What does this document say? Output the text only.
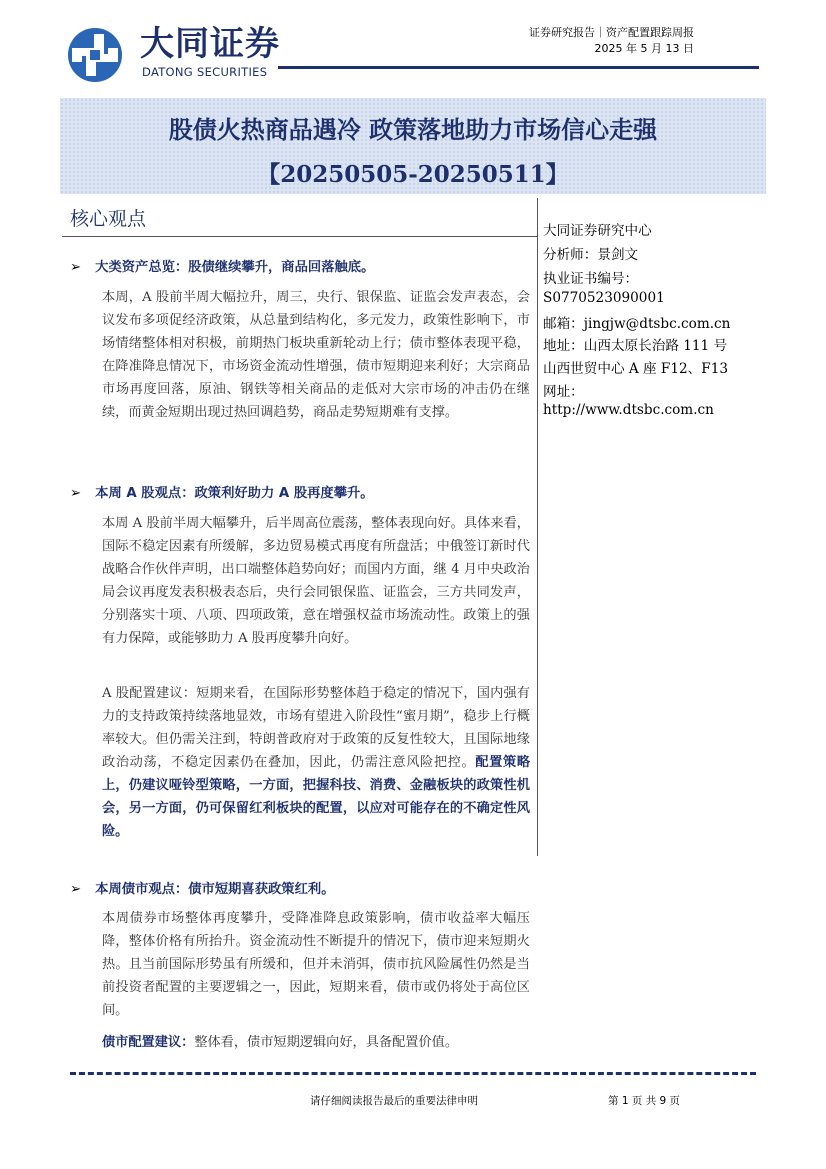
大同证券
DATONG SECURITIES
证券研究报告｜资产配置跟踪周报
2025 年 5 月 13 日
股债火热商品遇冷 政策落地助力市场信心走强
【20250505-20250511】
核心观点
➢ 大类资产总览：股债继续攀升，商品回落触底。
本周，A 股前半周大幅拉升，周三，央行、银保监、证监会发声表态，会议发布多项促经济政策，从总量到结构化，多元发力，政策性影响下，市场情绪整体相对积极，前期热门板块重新轮动上行；债市整体表现平稳，在降准降息情况下，市场资金流动性增强，债市短期迎来利好；大宗商品市场再度回落，原油、钢铁等相关商品的走低对大宗市场的冲击仍在继续，而黄金短期出现过热回调趋势，商品走势短期难有支撑。
➢ 本周 A 股观点：政策利好助力 A 股再度攀升。
本周 A 股前半周大幅攀升，后半周高位震荡，整体表现向好。具体来看，国际不稳定因素有所缓解，多边贸易模式再度有所盘活；中俄签订新时代战略合作伙伴声明，出口端整体趋势向好；而国内方面，继 4 月中央政治局会议再度发表积极表态后，央行会同银保监、证监会，三方共同发声，分别落实十项、八项、四项政策，意在增强权益市场流动性。政策上的强有力保障，或能够助力 A 股再度攀升向好。
A 股配置建议：短期来看，在国际形势整体趋于稳定的情况下，国内强有力的支持政策持续落地显效，市场有望进入阶段性“蜜月期”，稳步上行概率较大。但仍需关注到，特朗普政府对于政策的反复性较大，且国际地缘政治动荡，不稳定因素仍在叠加，因此，仍需注意风险把控。配置策略上，仍建议哑铃型策略，一方面，把握科技、消费、金融板块的政策性机会，另一方面，仍可保留红利板块的配置，以应对可能存在的不确定性风险。
➢ 本周债市观点：债市短期喜获政策红利。
本周债券市场整体再度攀升，受降准降息政策影响，债市收益率大幅压降，整体价格有所抬升。资金流动性不断提升的情况下，债市迎来短期火热。且当前国际形势虽有所缓和，但并未消弭，债市抗风险属性仍然是当前投资者配置的主要逻辑之一，因此，短期来看，债市或仍将处于高位区间。
债市配置建议：整体看，债市短期逻辑向好，具备配置价值。
大同证券研究中心
分析师：景剑文
执业证书编号：
S0770523090001
邮箱：jingjw@dtsbc.com.cn
地址：山西太原长治路 111 号
山西世贸中心 A 座 F12、F13
网址：
http://www.dtsbc.com.cn
请仔细阅读报告最后的重要法律申明	第 1 页 共 9 页
